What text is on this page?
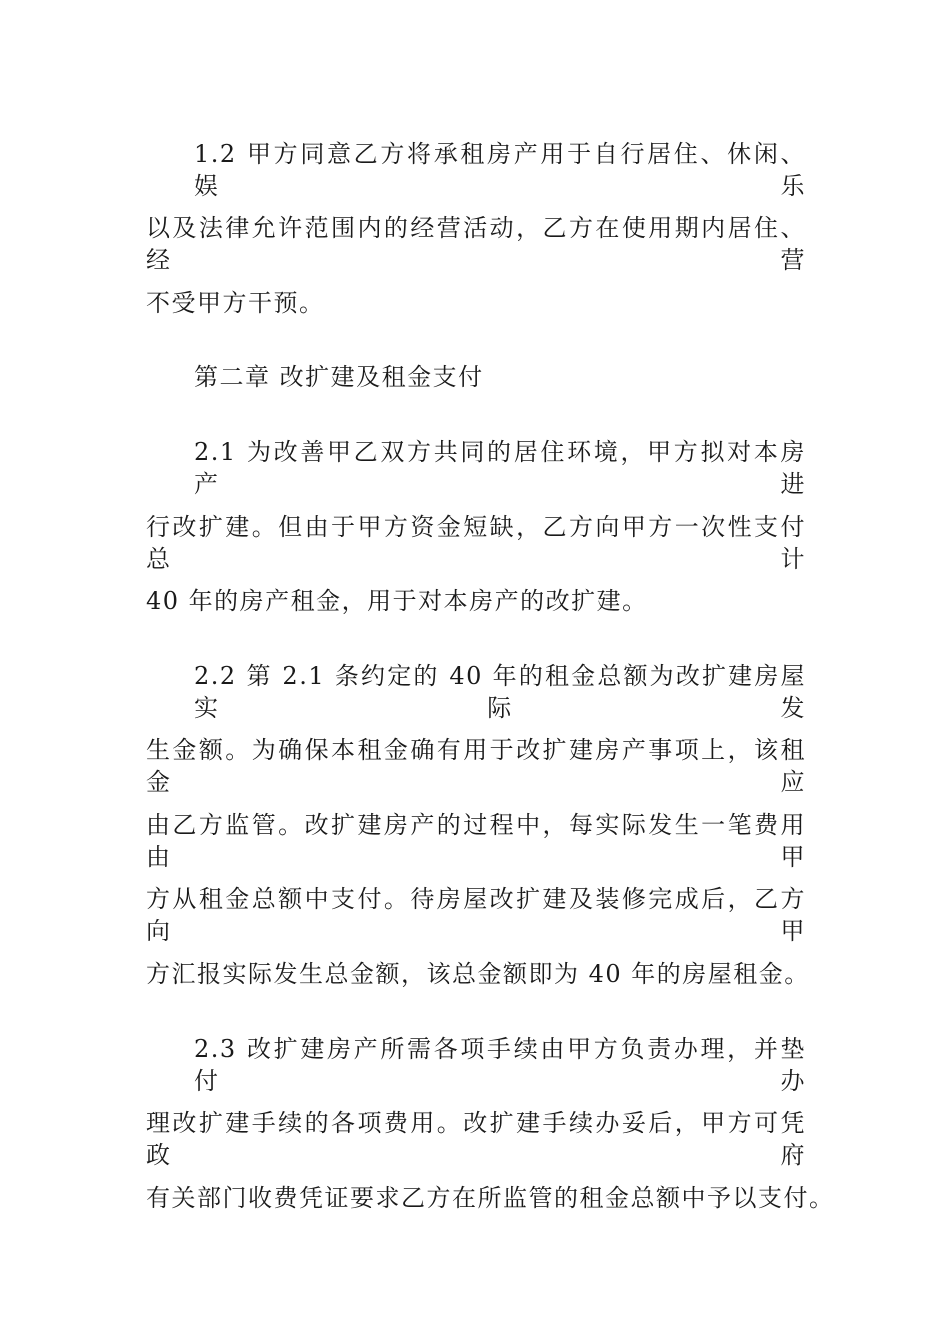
1.2 甲方同意乙方将承租房产用于自行居住、休闲、娱乐
以及法律允许范围内的经营活动，乙方在使用期内居住、经营
不受甲方干预。
第二章 改扩建及租金支付
2.1 为改善甲乙双方共同的居住环境，甲方拟对本房产进
行改扩建。但由于甲方资金短缺，乙方向甲方一次性支付总计
40 年的房产租金，用于对本房产的改扩建。
2.2 第 2.1 条约定的 40 年的租金总额为改扩建房屋实际发
生金额。为确保本租金确有用于改扩建房产事项上，该租金应
由乙方监管。改扩建房产的过程中，每实际发生一笔费用由甲
方从租金总额中支付。待房屋改扩建及装修完成后，乙方向甲
方汇报实际发生总金额，该总金额即为 40 年的房屋租金。
2.3 改扩建房产所需各项手续由甲方负责办理，并垫付办
理改扩建手续的各项费用。改扩建手续办妥后，甲方可凭政府
有关部门收费凭证要求乙方在所监管的租金总额中予以支付。
